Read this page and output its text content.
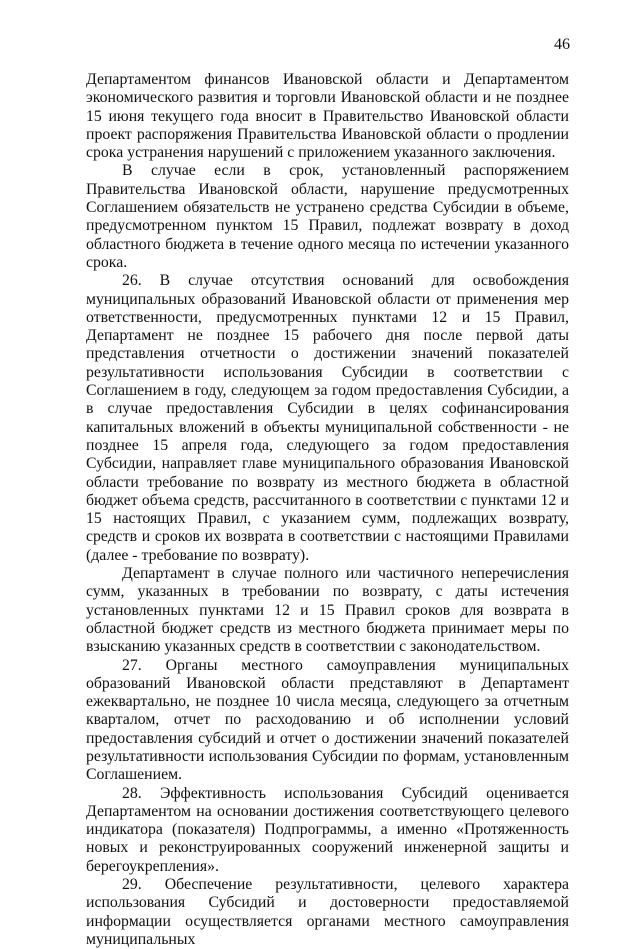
46

Департаментом финансов Ивановской области и Департаментом экономического развития и торговли Ивановской области и не позднее 15 июня текущего года вносит в Правительство Ивановской области проект распоряжения Правительства Ивановской области о продлении срока устранения нарушений с приложением указанного заключения.

В случае если в срок, установленный распоряжением Правительства Ивановской области, нарушение предусмотренных Соглашением обязательств не устранено средства Субсидии в объеме, предусмотренном пунктом 15 Правил, подлежат возврату в доход областного бюджета в течение одного месяца по истечении указанного срока.

26. В случае отсутствия оснований для освобождения муниципальных образований Ивановской области от применения мер ответственности, предусмотренных пунктами 12 и 15 Правил, Департамент не позднее 15 рабочего дня после первой даты представления отчетности о достижении значений показателей результативности использования Субсидии в соответствии с Соглашением в году, следующем за годом предоставления Субсидии, а в случае предоставления Субсидии в целях софинансирования капитальных вложений в объекты муниципальной собственности - не позднее 15 апреля года, следующего за годом предоставления Субсидии, направляет главе муниципального образования Ивановской области требование по возврату из местного бюджета в областной бюджет объема средств, рассчитанного в соответствии с пунктами 12 и 15 настоящих Правил, с указанием сумм, подлежащих возврату, средств и сроков их возврата в соответствии с настоящими Правилами (далее - требование по возврату).

Департамент в случае полного или частичного неперечисления сумм, указанных в требовании по возврату, с даты истечения установленных пунктами 12 и 15 Правил сроков для возврата в областной бюджет средств из местного бюджета принимает меры по взысканию указанных средств в соответствии с законодательством.

27. Органы местного самоуправления муниципальных образований Ивановской области представляют в Департамент ежеквартально, не позднее 10 числа месяца, следующего за отчетным кварталом, отчет по расходованию и об исполнении условий предоставления субсидий и отчет о достижении значений показателей результативности использования Субсидии по формам, установленным Соглашением.

28. Эффективность использования Субсидий оценивается Департаментом на основании достижения соответствующего целевого индикатора (показателя) Подпрограммы, а именно «Протяженность новых и реконструированных сооружений инженерной защиты и берегоукрепления».

29. Обеспечение результативности, целевого характера использования Субсидий и достоверности предоставляемой информации осуществляется органами местного самоуправления муниципальных
